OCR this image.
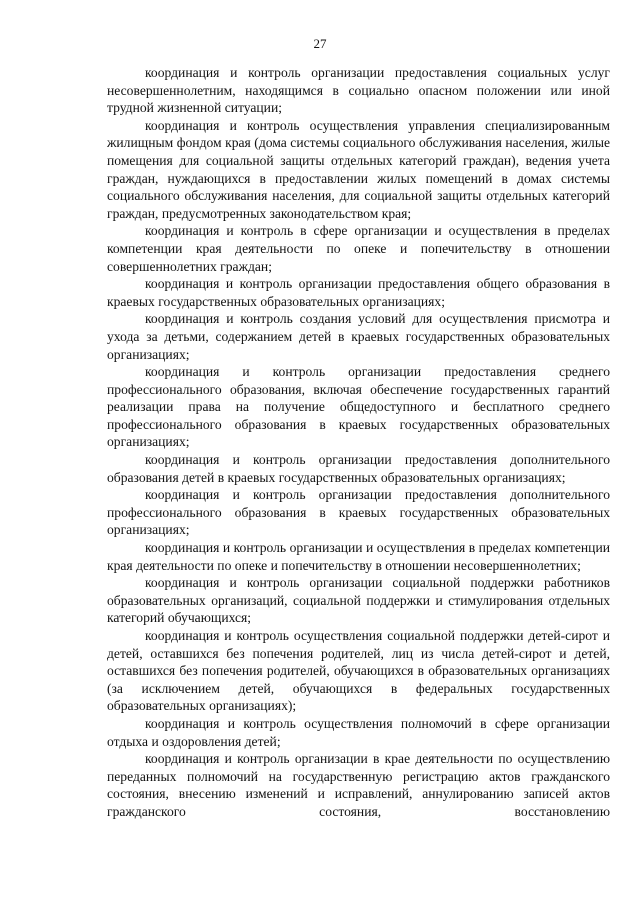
27

координация и контроль организации предоставления социальных услуг несовершеннолетним, находящимся в социально опасном положении или иной трудной жизненной ситуации;

координация и контроль осуществления управления специализированным жилищным фондом края (дома системы социального обслуживания населения, жилые помещения для социальной защиты отдельных категорий граждан), ведения учета граждан, нуждающихся в предоставлении жилых помещений в домах системы социального обслуживания населения, для социальной защиты отдельных категорий граждан, предусмотренных законодательством края;

координация и контроль в сфере организации и осуществления в пределах компетенции края деятельности по опеке и попечительству в отношении совершеннолетних граждан;

координация и контроль организации предоставления общего образования в краевых государственных образовательных организациях;

координация и контроль создания условий для осуществления присмотра и ухода за детьми, содержанием детей в краевых государственных образовательных организациях;

координация и контроль организации предоставления среднего профессионального образования, включая обеспечение государственных гарантий реализации права на получение общедоступного и бесплатного среднего профессионального образования в краевых государственных образовательных организациях;

координация и контроль организации предоставления дополнительного образования детей в краевых государственных образовательных организациях;

координация и контроль организации предоставления дополнительного профессионального образования в краевых государственных образовательных организациях;

координация и контроль организации и осуществления в пределах компетенции края деятельности по опеке и попечительству в отношении несовершеннолетних;

координация и контроль организации социальной поддержки работников образовательных организаций, социальной поддержки и стимулирования отдельных категорий обучающихся;

координация и контроль осуществления социальной поддержки детей-сирот и детей, оставшихся без попечения родителей, лиц из числа детей-сирот и детей, оставшихся без попечения родителей, обучающихся в образовательных организациях (за исключением детей, обучающихся в федеральных государственных образовательных организациях);

координация и контроль осуществления полномочий в сфере организации отдыха и оздоровления детей;

координация и контроль организации в крае деятельности по осуществлению переданных полномочий на государственную регистрацию актов гражданского состояния, внесению изменений и исправлений, аннулированию записей актов гражданского состояния, восстановлению
